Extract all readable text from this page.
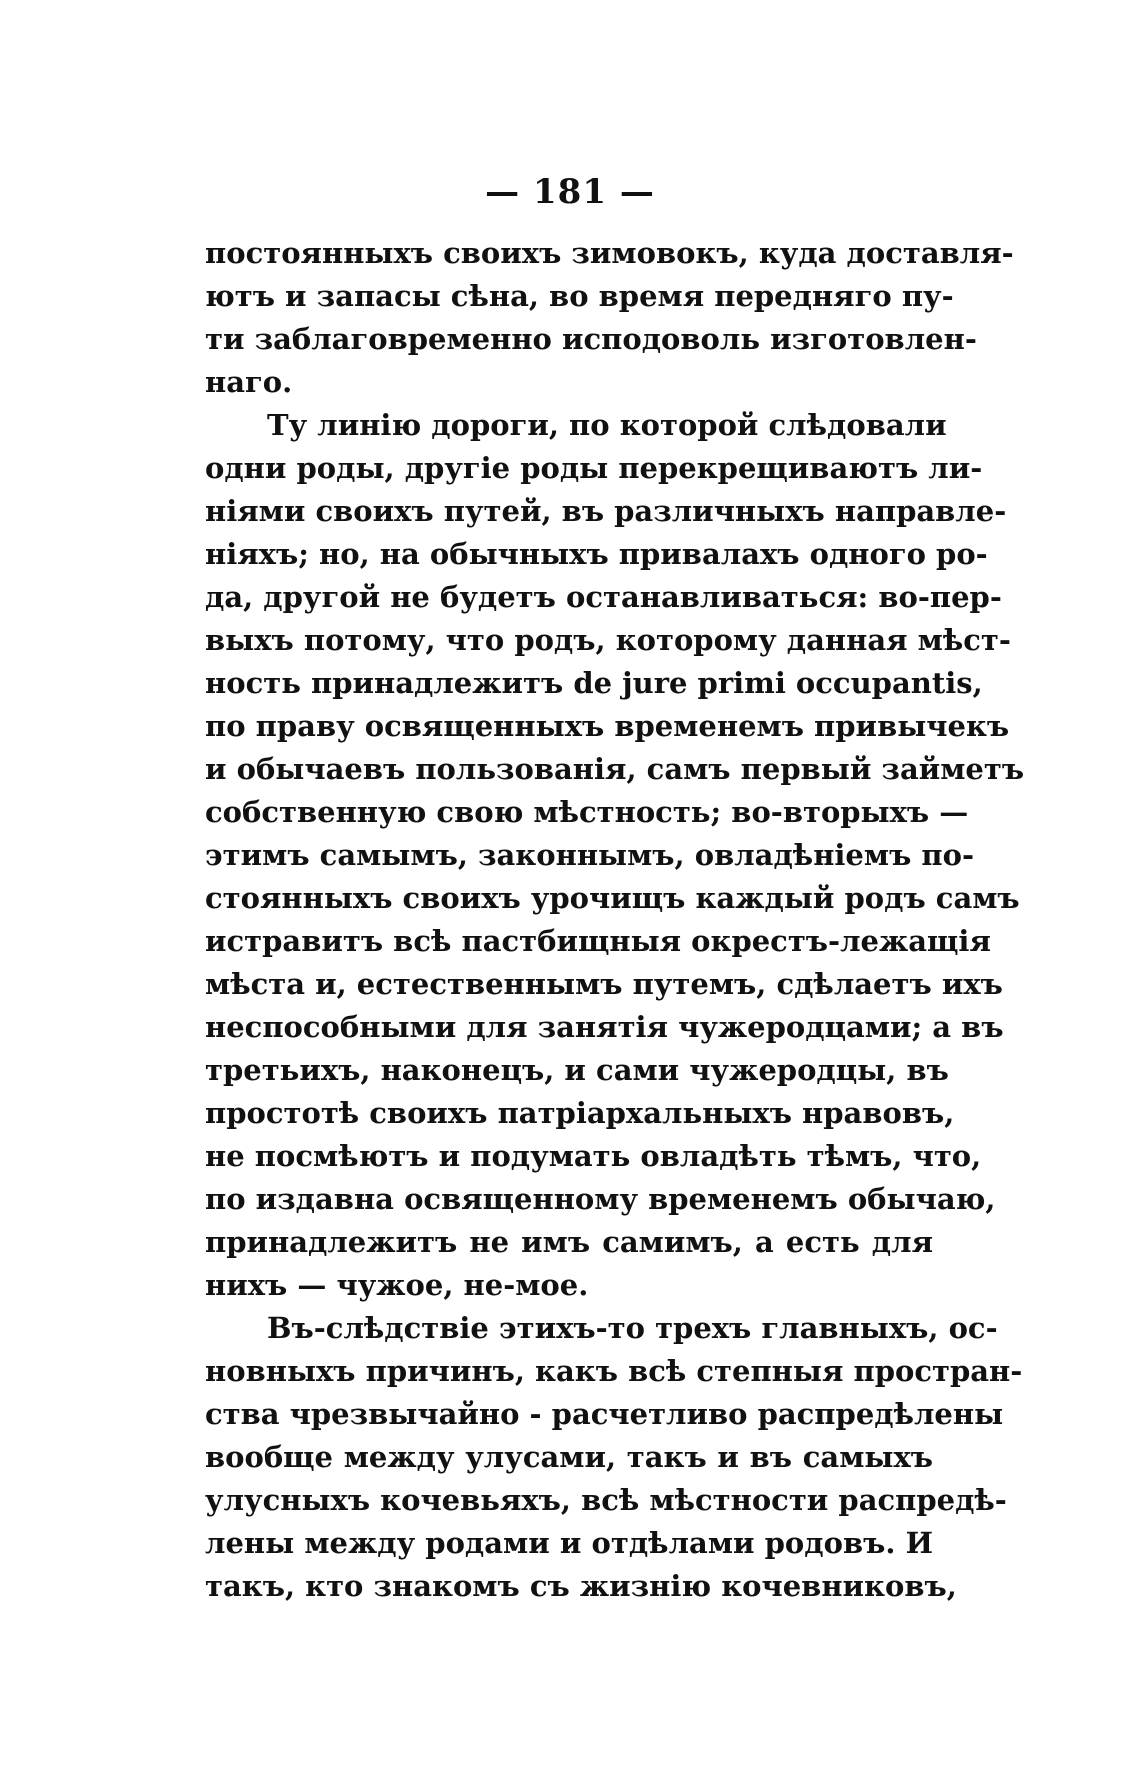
— 181 —
постоянныхъ своихъ зимовокъ, куда доставля-
ютъ и запасы сѣна, во время передняго пу-
ти заблаговременно исподоволь изготовлен-
наго.
Ту линію дороги, по которой слѣдовали
одни роды, другіе роды перекрещиваютъ ли-
ніями своихъ путей, въ различныхъ направле-
ніяхъ; но, на обычныхъ привалахъ одного ро-
да, другой не будетъ останавливаться: во-пер-
выхъ потому, что родъ, которому данная мѣст-
ность принадлежитъ de jure primi occupantis,
по праву освященныхъ временемъ привычекъ
и обычаевъ пользованія, самъ первый займетъ
собственную свою мѣстность; во-вторыхъ —
этимъ самымъ, законнымъ, овладѣніемъ по-
стоянныхъ своихъ урочищъ каждый родъ самъ
истравитъ всѣ пастбищныя окрестъ-лежащія
мѣста и, естественнымъ путемъ, сдѣлаетъ ихъ
неспособными для занятія чужеродцами; а въ
третьихъ, наконецъ, и сами чужеродцы, въ
простотѣ своихъ патріархальныхъ нравовъ,
не посмѣютъ и подумать овладѣть тѣмъ, что,
по издавна освященному временемъ обычаю,
принадлежитъ не имъ самимъ, а есть для
нихъ — чужое, не-мое.
Въ-слѣдствіе этихъ-то трехъ главныхъ, ос-
новныхъ причинъ, какъ всѣ степныя простран-
ства чрезвычайно - расчетливо распредѣлены
вообще между улусами, такъ и въ самыхъ
улусныхъ кочевьяхъ, всѣ мѣстности распредѣ-
лены между родами и отдѣлами родовъ. И
такъ, кто знакомъ съ жизнію кочевниковъ,
